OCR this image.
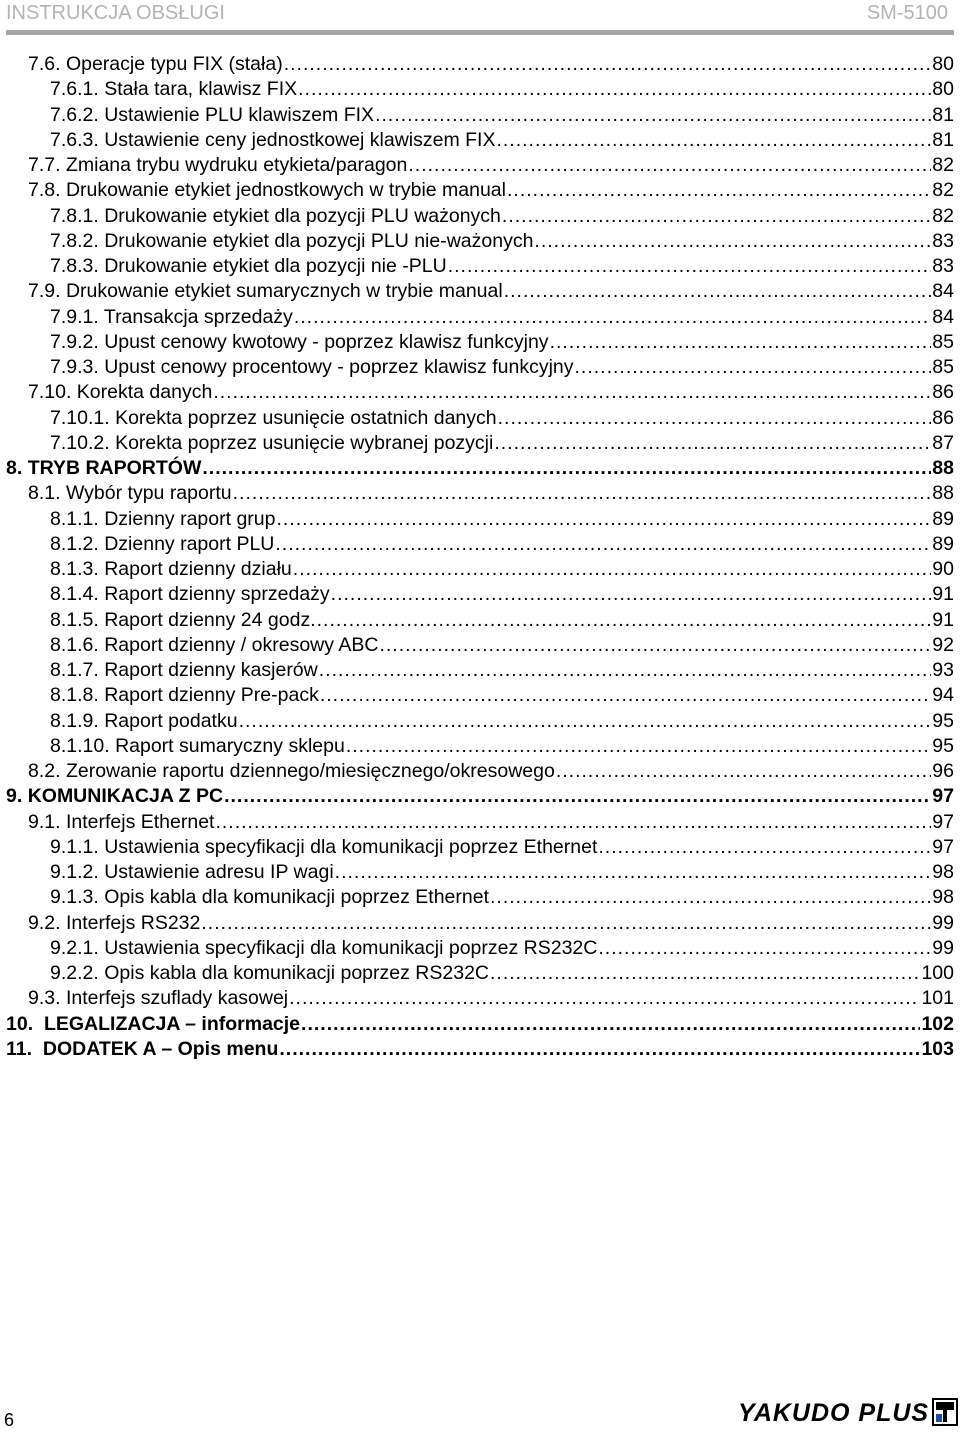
INSTRUKCJA OBSŁUGI	SM-5100
7.6. Operacje typu FIX (stała) .....	80
7.6.1. Stała tara, klawisz FIX .....	80
7.6.2. Ustawienie PLU klawiszem FIX .....	81
7.6.3. Ustawienie ceny jednostkowej klawiszem FIX .....	81
7.7. Zmiana trybu wydruku etykieta/paragon .....	82
7.8. Drukowanie etykiet jednostkowych w trybie manual .....	82
7.8.1. Drukowanie etykiet dla pozycji PLU ważonych .....	82
7.8.2. Drukowanie etykiet dla pozycji PLU nie-ważonych .....	83
7.8.3. Drukowanie etykiet dla pozycji nie -PLU .....	83
7.9. Drukowanie etykiet sumarycznych w trybie manual .....	84
7.9.1. Transakcja sprzedaży .....	84
7.9.2. Upust cenowy kwotowy - poprzez klawisz funkcyjny .....	85
7.9.3. Upust cenowy procentowy - poprzez klawisz funkcyjny .....	85
7.10. Korekta danych .....	86
7.10.1. Korekta poprzez usunięcie ostatnich danych .....	86
7.10.2. Korekta poprzez usunięcie wybranej pozycji .....	87
8. TRYB RAPORTÓW .....	88
8.1. Wybór typu raportu .....	88
8.1.1. Dzienny raport grup .....	89
8.1.2. Dzienny raport PLU .....	89
8.1.3. Raport dzienny działu .....	90
8.1.4. Raport dzienny sprzedaży .....	91
8.1.5. Raport dzienny 24 godz. .....	91
8.1.6. Raport dzienny / okresowy ABC .....	92
8.1.7. Raport dzienny kasjerów .....	93
8.1.8. Raport dzienny Pre-pack .....	94
8.1.9. Raport podatku .....	95
8.1.10. Raport sumaryczny sklepu .....	95
8.2. Zerowanie raportu dziennego/miesięcznego/okresowego .....	96
9. KOMUNIKACJA Z PC .....	97
9.1. Interfejs Ethernet .....	97
9.1.1. Ustawienia specyfikacji dla komunikacji poprzez Ethernet .....	97
9.1.2. Ustawienie adresu IP wagi .....	98
9.1.3. Opis kabla dla komunikacji poprzez Ethernet .....	98
9.2. Interfejs RS232 .....	99
9.2.1. Ustawienia specyfikacji dla komunikacji poprzez RS232C .....	99
9.2.2. Opis kabla dla komunikacji poprzez RS232C .....	100
9.3. Interfejs szuflady kasowej .....	101
10. LEGALIZACJA – informacje .....	102
11. DODATEK A – Opis menu .....	103
6	YAKUDO PLUS
